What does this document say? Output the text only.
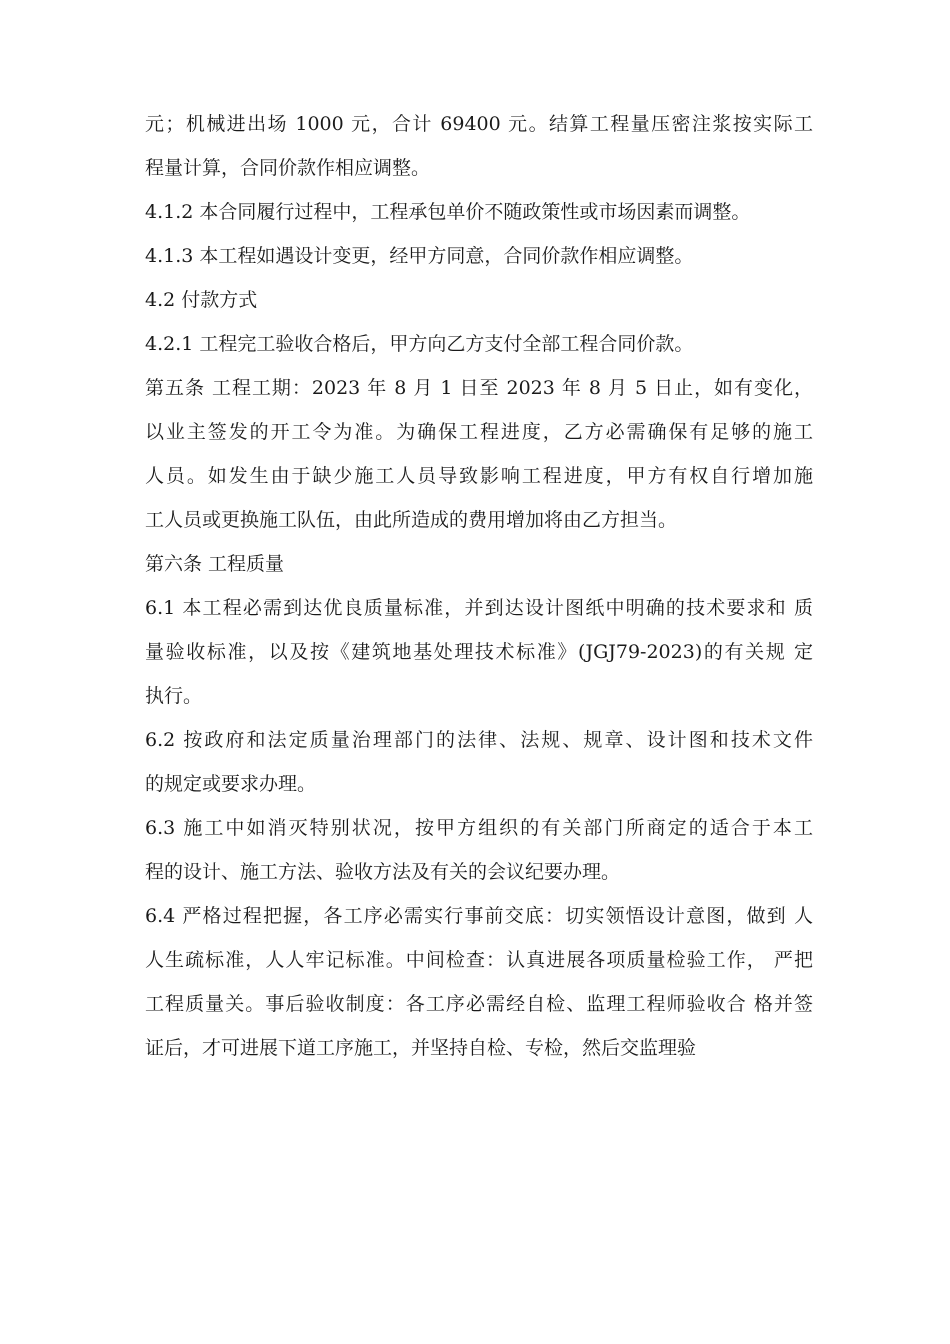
元；机械进出场 1000 元，合计 69400 元。结算工程量压密注浆按实际工

程量计算，合同价款作相应调整。

4.1.2 本合同履行过程中，工程承包单价不随政策性或市场因素而调整。

4.1.3 本工程如遇设计变更，经甲方同意，合同价款作相应调整。

4.2 付款方式

4.2.1 工程完工验收合格后，甲方向乙方支付全部工程合同价款。

第五条 工程工期：2023 年 8 月 1 日至 2023 年 8 月 5 日止，如有变化，

以业主签发的开工令为准。为确保工程进度，乙方必需确保有足够的施工

人员。如发生由于缺少施工人员导致影响工程进度，甲方有权自行增加施

工人员或更换施工队伍，由此所造成的费用增加将由乙方担当。

第六条 工程质量

6.1 本工程必需到达优良质量标准，并到达设计图纸中明确的技术要求和 质

量验收标准，以及按《建筑地基处理技术标准》(JGJ79-2023)的有关规 定

执行。

6.2 按政府和法定质量治理部门的法律、法规、规章、设计图和技术文件

的规定或要求办理。

6.3 施工中如消灭特别状况，按甲方组织的有关部门所商定的适合于本工

程的设计、施工方法、验收方法及有关的会议纪要办理。

6.4 严格过程把握，各工序必需实行事前交底：切实领悟设计意图，做到 人

人生疏标准，人人牢记标准。中间检查：认真进展各项质量检验工作， 严把

工程质量关。事后验收制度：各工序必需经自检、监理工程师验收合 格并签

证后，才可进展下道工序施工，并坚持自检、专检，然后交监理验
